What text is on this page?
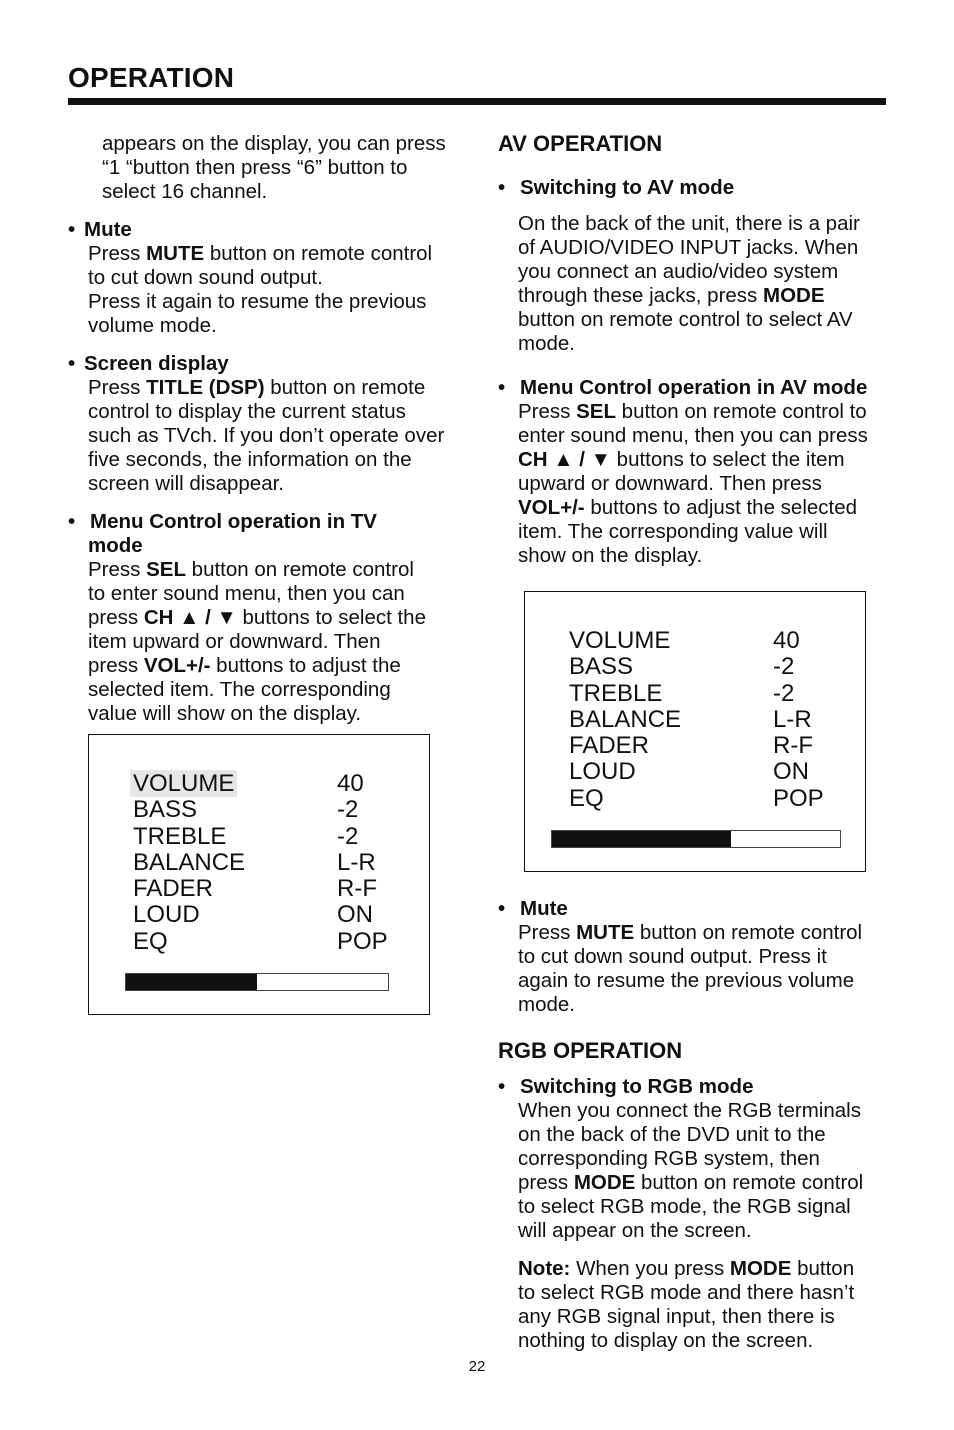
OPERATION

appears on the display, you can press

“1 “button then press “6” button to

select 16 channel.

• Mute

Press MUTE button on remote control

to cut down sound output.

Press it again to resume the previous

volume mode.

• Screen display

Press TITLE (DSP) button on remote

control to display the current status

such as TVch. If you don’t operate over

five seconds, the information on the

screen will disappear.

• Menu Control operation in TV

mode

Press SEL button on remote control

to enter sound menu, then you can

press CH ▲ / ▼ buttons to select the

item upward or downward. Then

press VOL+/- buttons to adjust the

selected item. The corresponding

value will show on the display.

VOLUME	40
BASS	-2
TREBLE	-2
BALANCE	L-R
FADER	R-F
LOUD	ON
EQ	POP

AV OPERATION

• Switching to AV mode

On the back of the unit, there is a pair

of AUDIO/VIDEO INPUT jacks. When

you connect an audio/video system

through these jacks, press MODE

button on remote control to select AV

mode.

• Menu Control operation in AV mode

Press SEL button on remote control to

enter sound menu, then you can press

CH ▲ / ▼ buttons to select the item

upward or downward. Then press

VOL+/- buttons to adjust the selected

item. The corresponding value will

show on the display.

VOLUME	40
BASS	-2
TREBLE	-2
BALANCE	L-R
FADER	R-F
LOUD	ON
EQ	POP

• Mute

Press MUTE button on remote control

to cut down sound output. Press it

again to resume the previous volume

mode.

RGB OPERATION

• Switching to RGB mode

When you connect the RGB terminals

on the back of the DVD unit to the

corresponding RGB system, then

press MODE button on remote control

to select RGB mode, the RGB signal

will appear on the screen.

Note: When you press MODE button

to select RGB mode and there hasn’t

any RGB signal input, then there is

nothing to display on the screen.

22
